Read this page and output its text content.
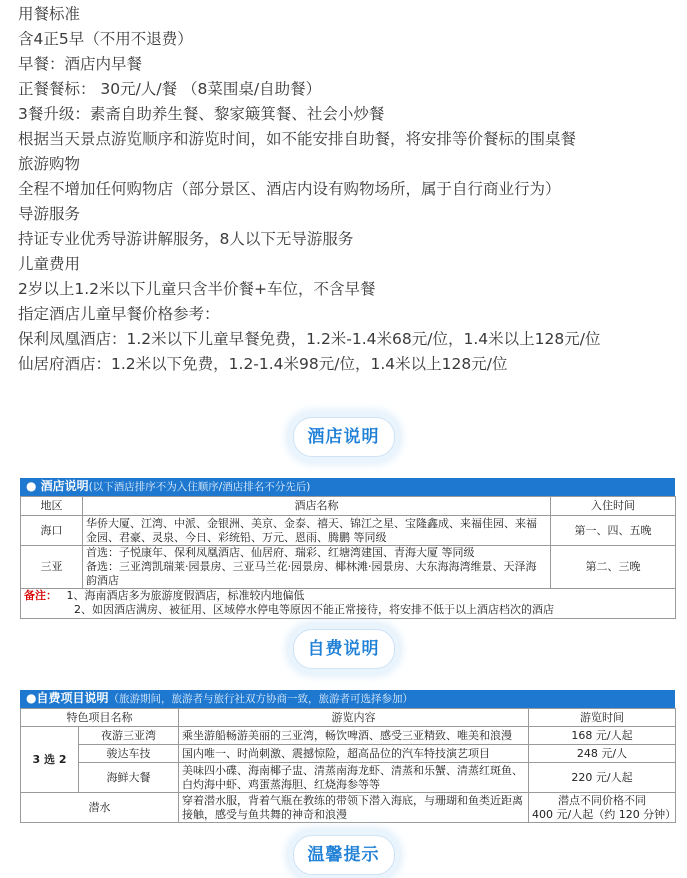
用餐标准
含4正5早（不用不退费）
早餐：酒店内早餐
正餐餐标： 30元/人/餐 （8菜围桌/自助餐）
3餐升级：素斋自助养生餐、黎家簸箕餐、社会小炒餐
根据当天景点游览顺序和游览时间，如不能安排自助餐，将安排等价餐标的围桌餐
旅游购物
全程不增加任何购物店（部分景区、酒店内设有购物场所，属于自行商业行为）
导游服务
持证专业优秀导游讲解服务，8人以下无导游服务
儿童费用
2岁以上1.2米以下儿童只含半价餐+车位，不含早餐
指定酒店儿童早餐价格参考：
保利凤凰酒店：1.2米以下儿童早餐免费，1.2米-1.4米68元/位，1.4米以上128元/位
仙居府酒店：1.2米以下免费，1.2-1.4米98元/位，1.4米以上128元/位
酒店说明
● 酒店说明(以下酒店排序不为入住顺序/酒店排名不分先后)
地区	酒店名称	入住时间
海口	华侨大厦、江湾、中派、金银洲、美京、金泰、禧天、锦江之星、宝隆鑫成、来福佳园、来福金园、君豪、灵泉、今日、彩统铅、万元、恩雨、腾鹏 等同级	第一、四、五晚
三亚	首选：子悦康年、保利凤凰酒店、仙居府、瑞彩、红塘湾建国、青海大厦 等同级
备选：三亚湾凯瑞莱·园景房、三亚马兰花·园景房、椰林滩·园景房、大东海海湾维景、天泽海韵酒店	第二、三晚
备注： 1、海南酒店多为旅游度假酒店，标准较内地偏低
2、如因酒店满房、被征用、区域停水停电等原因不能正常接待，将安排不低于以上酒店档次的酒店		
自费说明
●自费项目说明（旅游期间，旅游者与旅行社双方协商一致，旅游者可选择参加）
特色项目名称		游览内容	游览时间
3 选 2	夜游三亚湾	乘坐游船畅游美丽的三亚湾，畅饮啤酒、感受三亚精致、唯美和浪漫	168 元/人起
	骏达车技	国内唯一、时尚刺激、震撼惊险，超高品位的汽车特技演艺项目	248 元/人
	海鲜大餐	美味四小碟、海南椰子盅、清蒸南海龙虾、清蒸和乐蟹、清蒸红斑鱼、白灼海中虾、鸡蛋蒸海胆、红烧海参等等	220 元/人起
潜水		穿着潜水服，背着气瓶在教练的带领下潜入海底，与珊瑚和鱼类近距离接触，感受与鱼共舞的神奇和浪漫	潜点不同价格不同
400 元/人起（约 120 分钟）
温馨提示
